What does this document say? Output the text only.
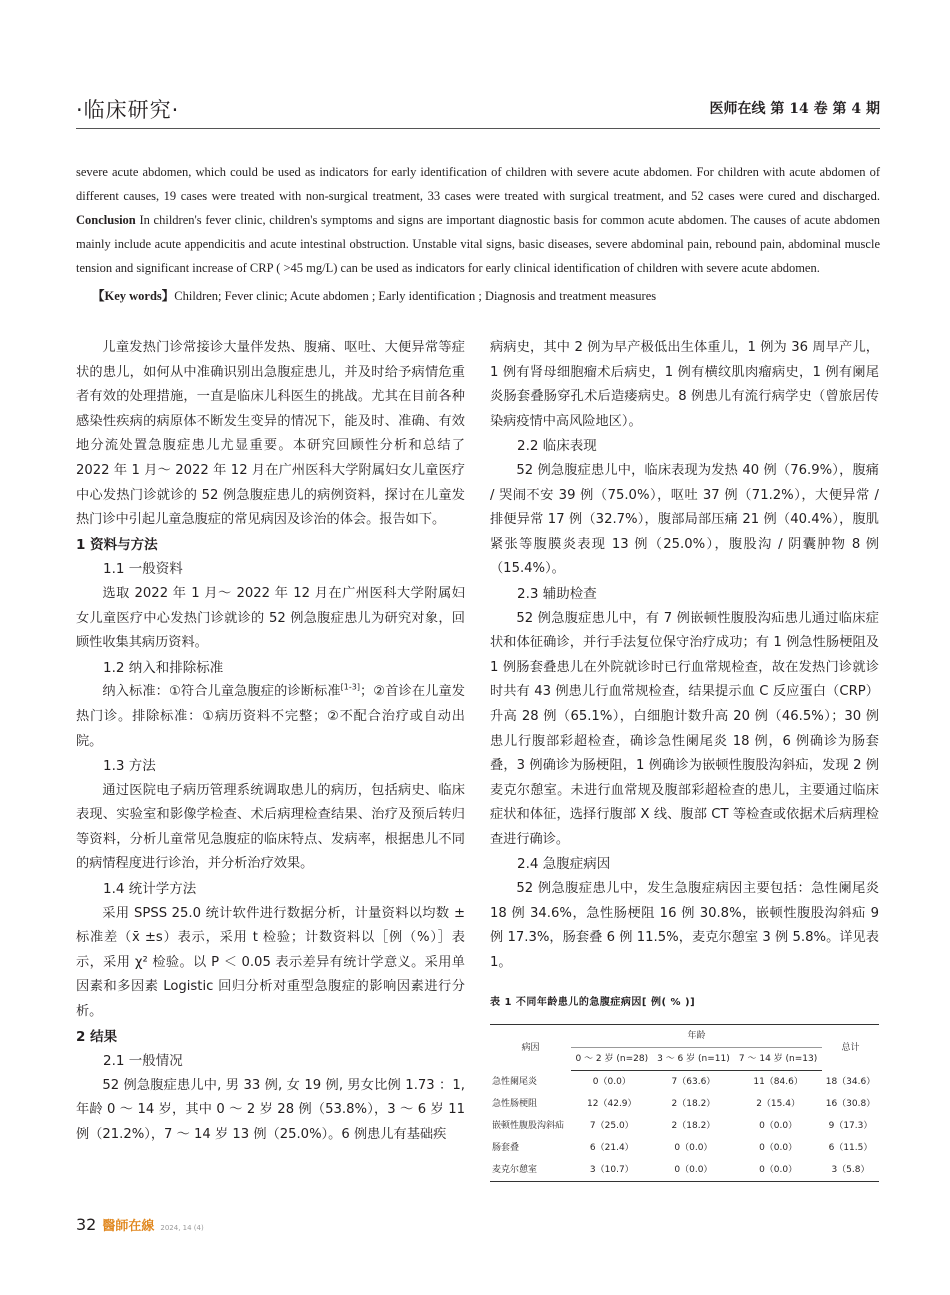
·临床研究·	医师在线 第 14 卷 第 4 期
severe acute abdomen, which could be used as indicators for early identification of children with severe acute abdomen. For children with acute abdomen of different causes, 19 cases were treated with non-surgical treatment, 33 cases were treated with surgical treatment, and 52 cases were cured and discharged. Conclusion In children's fever clinic, children's symptoms and signs are important diagnostic basis for common acute abdomen. The causes of acute abdomen mainly include acute appendicitis and acute intestinal obstruction. Unstable vital signs, basic diseases, severe abdominal pain, rebound pain, abdominal muscle tension and significant increase of CRP ( >45 mg/L) can be used as indicators for early clinical identification of children with severe acute abdomen.
【Key words】Children; Fever clinic; Acute abdomen ; Early identification ; Diagnosis and treatment measures

儿童发热门诊常接诊大量伴发热、腹痛、呕吐、大便异常等症状的患儿，如何从中准确识别出急腹症患儿，并及时给予病情危重者有效的处理措施，一直是临床儿科医生的挑战。尤其在目前各种感染性疾病的病原体不断发生变异的情况下，能及时、准确、有效地分流处置急腹症患儿尤显重要。本研究回顾性分析和总结了 2022 年 1 月～ 2022 年 12 月在广州医科大学附属妇女儿童医疗中心发热门诊就诊的 52 例急腹症患儿的病例资料，探讨在儿童发热门诊中引起儿童急腹症的常见病因及诊治的体会。报告如下。

1 资料与方法
1.1 一般资料

选取 2022 年 1 月～ 2022 年 12 月在广州医科大学附属妇女儿童医疗中心发热门诊就诊的 52 例急腹症患儿为研究对象，回顾性收集其病历资料。

1.2 纳入和排除标准

纳入标准：①符合儿童急腹症的诊断标准[1-3]；②首诊在儿童发热门诊。排除标准：①病历资料不完整；②不配合治疗或自动出院。

1.3 方法

通过医院电子病历管理系统调取患儿的病历，包括病史、临床表现、实验室和影像学检查、术后病理检查结果、治疗及预后转归等资料，分析儿童常见急腹症的临床特点、发病率，根据患儿不同的病情程度进行诊治，并分析治疗效果。

1.4 统计学方法

采用 SPSS 25.0 统计软件进行数据分析，计量资料以均数 ± 标准差（x̄ ±s）表示，采用 t 检验；计数资料以［例（%）］表示，采用 χ² 检验。以 P ＜ 0.05 表示差异有统计学意义。采用单因素和多因素 Logistic 回归分析对重型急腹症的影响因素进行分析。

2 结果
2.1 一般情况

52 例急腹症患儿中, 男 33 例, 女 19 例, 男女比例 1.73 ：1, 年龄 0 ～ 14 岁，其中 0 ～ 2 岁 28 例（53.8%），3 ～ 6 岁 11 例（21.2%），7 ～ 14 岁 13 例（25.0%）。6 例患儿有基础疾

病病史，其中 2 例为早产极低出生体重儿，1 例为 36 周早产儿，1 例有肾母细胞瘤术后病史，1 例有横纹肌肉瘤病史，1 例有阑尾炎肠套叠肠穿孔术后造瘘病史。8 例患儿有流行病学史（曾旅居传染病疫情中高风险地区）。

2.2 临床表现

52 例急腹症患儿中，临床表现为发热 40 例（76.9%），腹痛 / 哭闹不安 39 例（75.0%），呕吐 37 例（71.2%），大便异常 / 排便异常 17 例（32.7%），腹部局部压痛 21 例（40.4%），腹肌紧张等腹膜炎表现 13 例（25.0%），腹股沟 / 阴囊肿物 8 例（15.4%）。

2.3 辅助检查

52 例急腹症患儿中，有 7 例嵌顿性腹股沟疝患儿通过临床症状和体征确诊，并行手法复位保守治疗成功；有 1 例急性肠梗阻及 1 例肠套叠患儿在外院就诊时已行血常规检查，故在发热门诊就诊时共有 43 例患儿行血常规检查，结果提示血 C 反应蛋白（CRP）升高 28 例（65.1%），白细胞计数升高 20 例（46.5%）；30 例患儿行腹部彩超检查，确诊急性阑尾炎 18 例，6 例确诊为肠套叠，3 例确诊为肠梗阻，1 例确诊为嵌顿性腹股沟斜疝，发现 2 例麦克尔憩室。未进行血常规及腹部彩超检查的患儿，主要通过临床症状和体征，选择行腹部 X 线、腹部 CT 等检查或依据术后病理检查进行确诊。

2.4 急腹症病因

52 例急腹症患儿中，发生急腹症病因主要包括：急性阑尾炎 18 例 34.6%，急性肠梗阻 16 例 30.8%，嵌顿性腹股沟斜疝 9 例 17.3%，肠套叠 6 例 11.5%，麦克尔憩室 3 例 5.8%。详见表 1。

表 1 不同年龄患儿的急腹症病因[ 例( % )]
病因	年龄			总计
	0 ～ 2 岁 (n=28)	3 ～ 6 岁 (n=11)	7 ～ 14 岁 (n=13)	
急性阑尾炎	0（0.0）	7（63.6）	11（84.6）	18（34.6）
急性肠梗阻	12（42.9）	2（18.2）	2（15.4）	16（30.8）
嵌顿性腹股沟斜疝	7（25.0）	2（18.2）	0（0.0）	9（17.3）
肠套叠	6（21.4）	0（0.0）	0（0.0）	6（11.5）
麦克尔憩室	3（10.7）	0（0.0）	0（0.0）	3（5.8）
32 醫師在線 2024, 14 (4)
